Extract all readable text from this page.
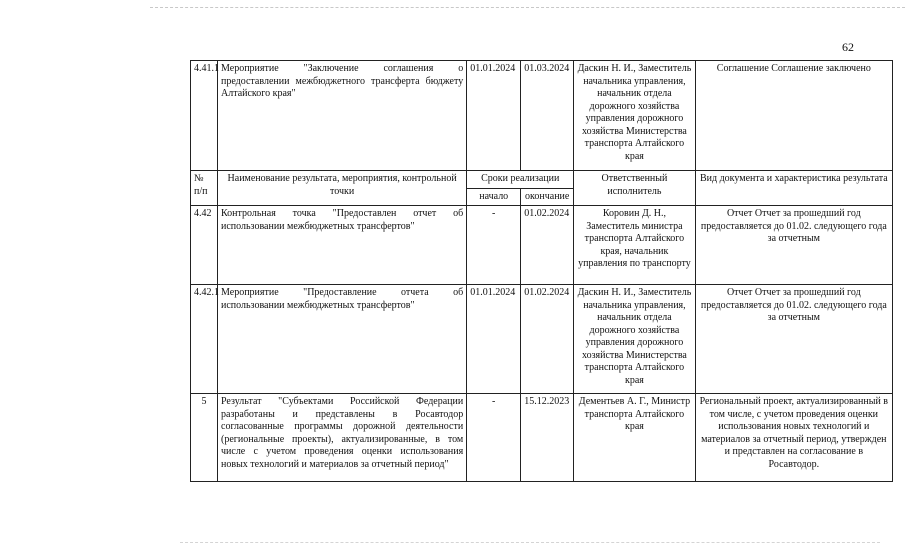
62
4.41.1	Мероприятие "Заключение соглашения о предоставлении межбюджетного трансферта бюджету Алтайского края"	01.01.2024	01.03.2024	Даскин Н. И., Заместитель начальника управления, начальник отдела дорожного хозяйства управления дорожного хозяйства Министерства транспорта Алтайского края	Соглашение Соглашение заключено
№ п/п	Наименование результата, мероприятия, контрольной точки	Сроки реализации		Ответственный исполнитель	Вид документа и характеристика результата
		начало	окончание		
4.42	Контрольная точка "Предоставлен отчет об использовании межбюджетных трансфертов"	-	01.02.2024	Коровин Д. Н., Заместитель министра транспорта Алтайского края, начальник управления по транспорту	Отчет Отчет за прошедший год предоставляется до 01.02. следующего года за отчетным
4.42.1	Мероприятие "Предоставление отчета об использовании межбюджетных трансфертов"	01.01.2024	01.02.2024	Даскин Н. И., Заместитель начальника управления, начальник отдела дорожного хозяйства управления дорожного хозяйства Министерства транспорта Алтайского края	Отчет Отчет за прошедший год предоставляется до 01.02. следующего года за отчетным
5	Результат "Субъектами Российской Федерации разработаны и представлены в Росавтодор согласованные программы дорожной деятельности (региональные проекты), актуализированные, в том числе с учетом проведения оценки использования новых технологий и материалов за отчетный период"	-	15.12.2023	Дементьев А. Г., Министр транспорта Алтайского края	Региональный проект, актуализированный в том числе, с учетом проведения оценки использования новых технологий и материалов за отчетный период, утвержден и представлен на согласование в Росавтодор.
